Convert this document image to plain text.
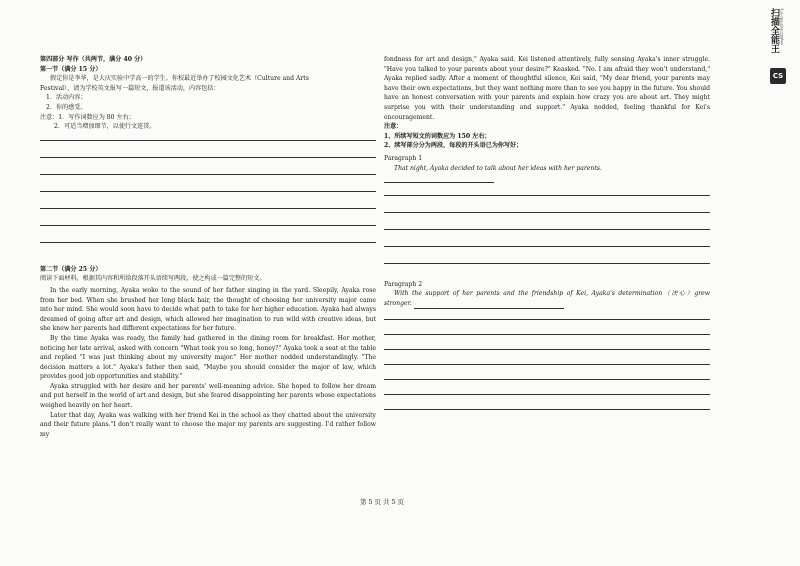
第四部分 写作（共两节，满分 40 分）
第一节（满分 15 分）
假定你是李华，是大庆实验中学高一的学生。你校最近举办了校园文化艺术（Culture and Arts
Festival），请为学校英文报写一篇短文，报道该活动，内容包括：
1．活动内容；
2．你的感受。
注意：1．写作词数应为 80 左右；
2．可适当增加细节，以使行文连贯。
第二节（满分 25 分）
阅读下面材料，根据其内容和所给段落开头语续写两段，使之构成一篇完整的短文。
In the early morning, Ayaka woke to the sound of her father singing in the yard. Sleepily, Ayaka rose from her bed. When she brushed her long black hair, the thought of choosing her university major came into her mind. She would soon have to decide what path to take for her higher education. Ayaka had always dreamed of going after art and design, which allowed her imagination to run wild with creative ideas, but she knew her parents had different expectations for her future.
By the time Ayaka was ready, the family had gathered in the dining room for breakfast. Her mother, noticing her late arrival, asked with concern "What took you so long, honey?" Ayaka took a seat at the table and replied "I was just thinking about my university major." Her mother nodded understandingly. "The decision matters a lot." Ayaka's father then said, "Maybe you should consider the major of law, which provides good job opportunities and stability."
Ayaka struggled with her desire and her parents' well-meaning advice. She hoped to follow her dream and put herself in the world of art and design, but she feared disappointing her parents whose expectations weighed heavily on her heart.
Later that day, Ayaka was walking with her friend Kei in the school as they chatted about the university and their future plans."I don't really want to choose the major my parents are suggesting. I'd rather follow my
fondness for art and design," Ayaka said. Kei listened attentively, fully sensing Ayaka's inner struggle. "Have you talked to your parents about your desire?" Keasked. "No. I am afraid they won't understand," Ayaka replied sadly. After a moment of thoughtful silence, Kei said, "My dear friend, your parents may have their own expectations, but they want nothing more than to see you happy in the future. You should have an honest conversation with your parents and explain how crazy you are about art. They might surprise you with their understanding and support." Ayaka nodded, feeling thankful for Kei's encouragement.
注意：
1、所续写短文的词数应为 150 左右；
2、续写部分分为两段，每段的开头语已为你写好；
Paragraph 1
That night, Ayaka decided to talk about her ideas with her parents.
Paragraph 2
With the support of her parents and the friendship of Kei, Ayaka's determination（决心）grew stronger.
第 5 页 共 5 页
扫描全能王 3亿人都在用的扫描App
CS
